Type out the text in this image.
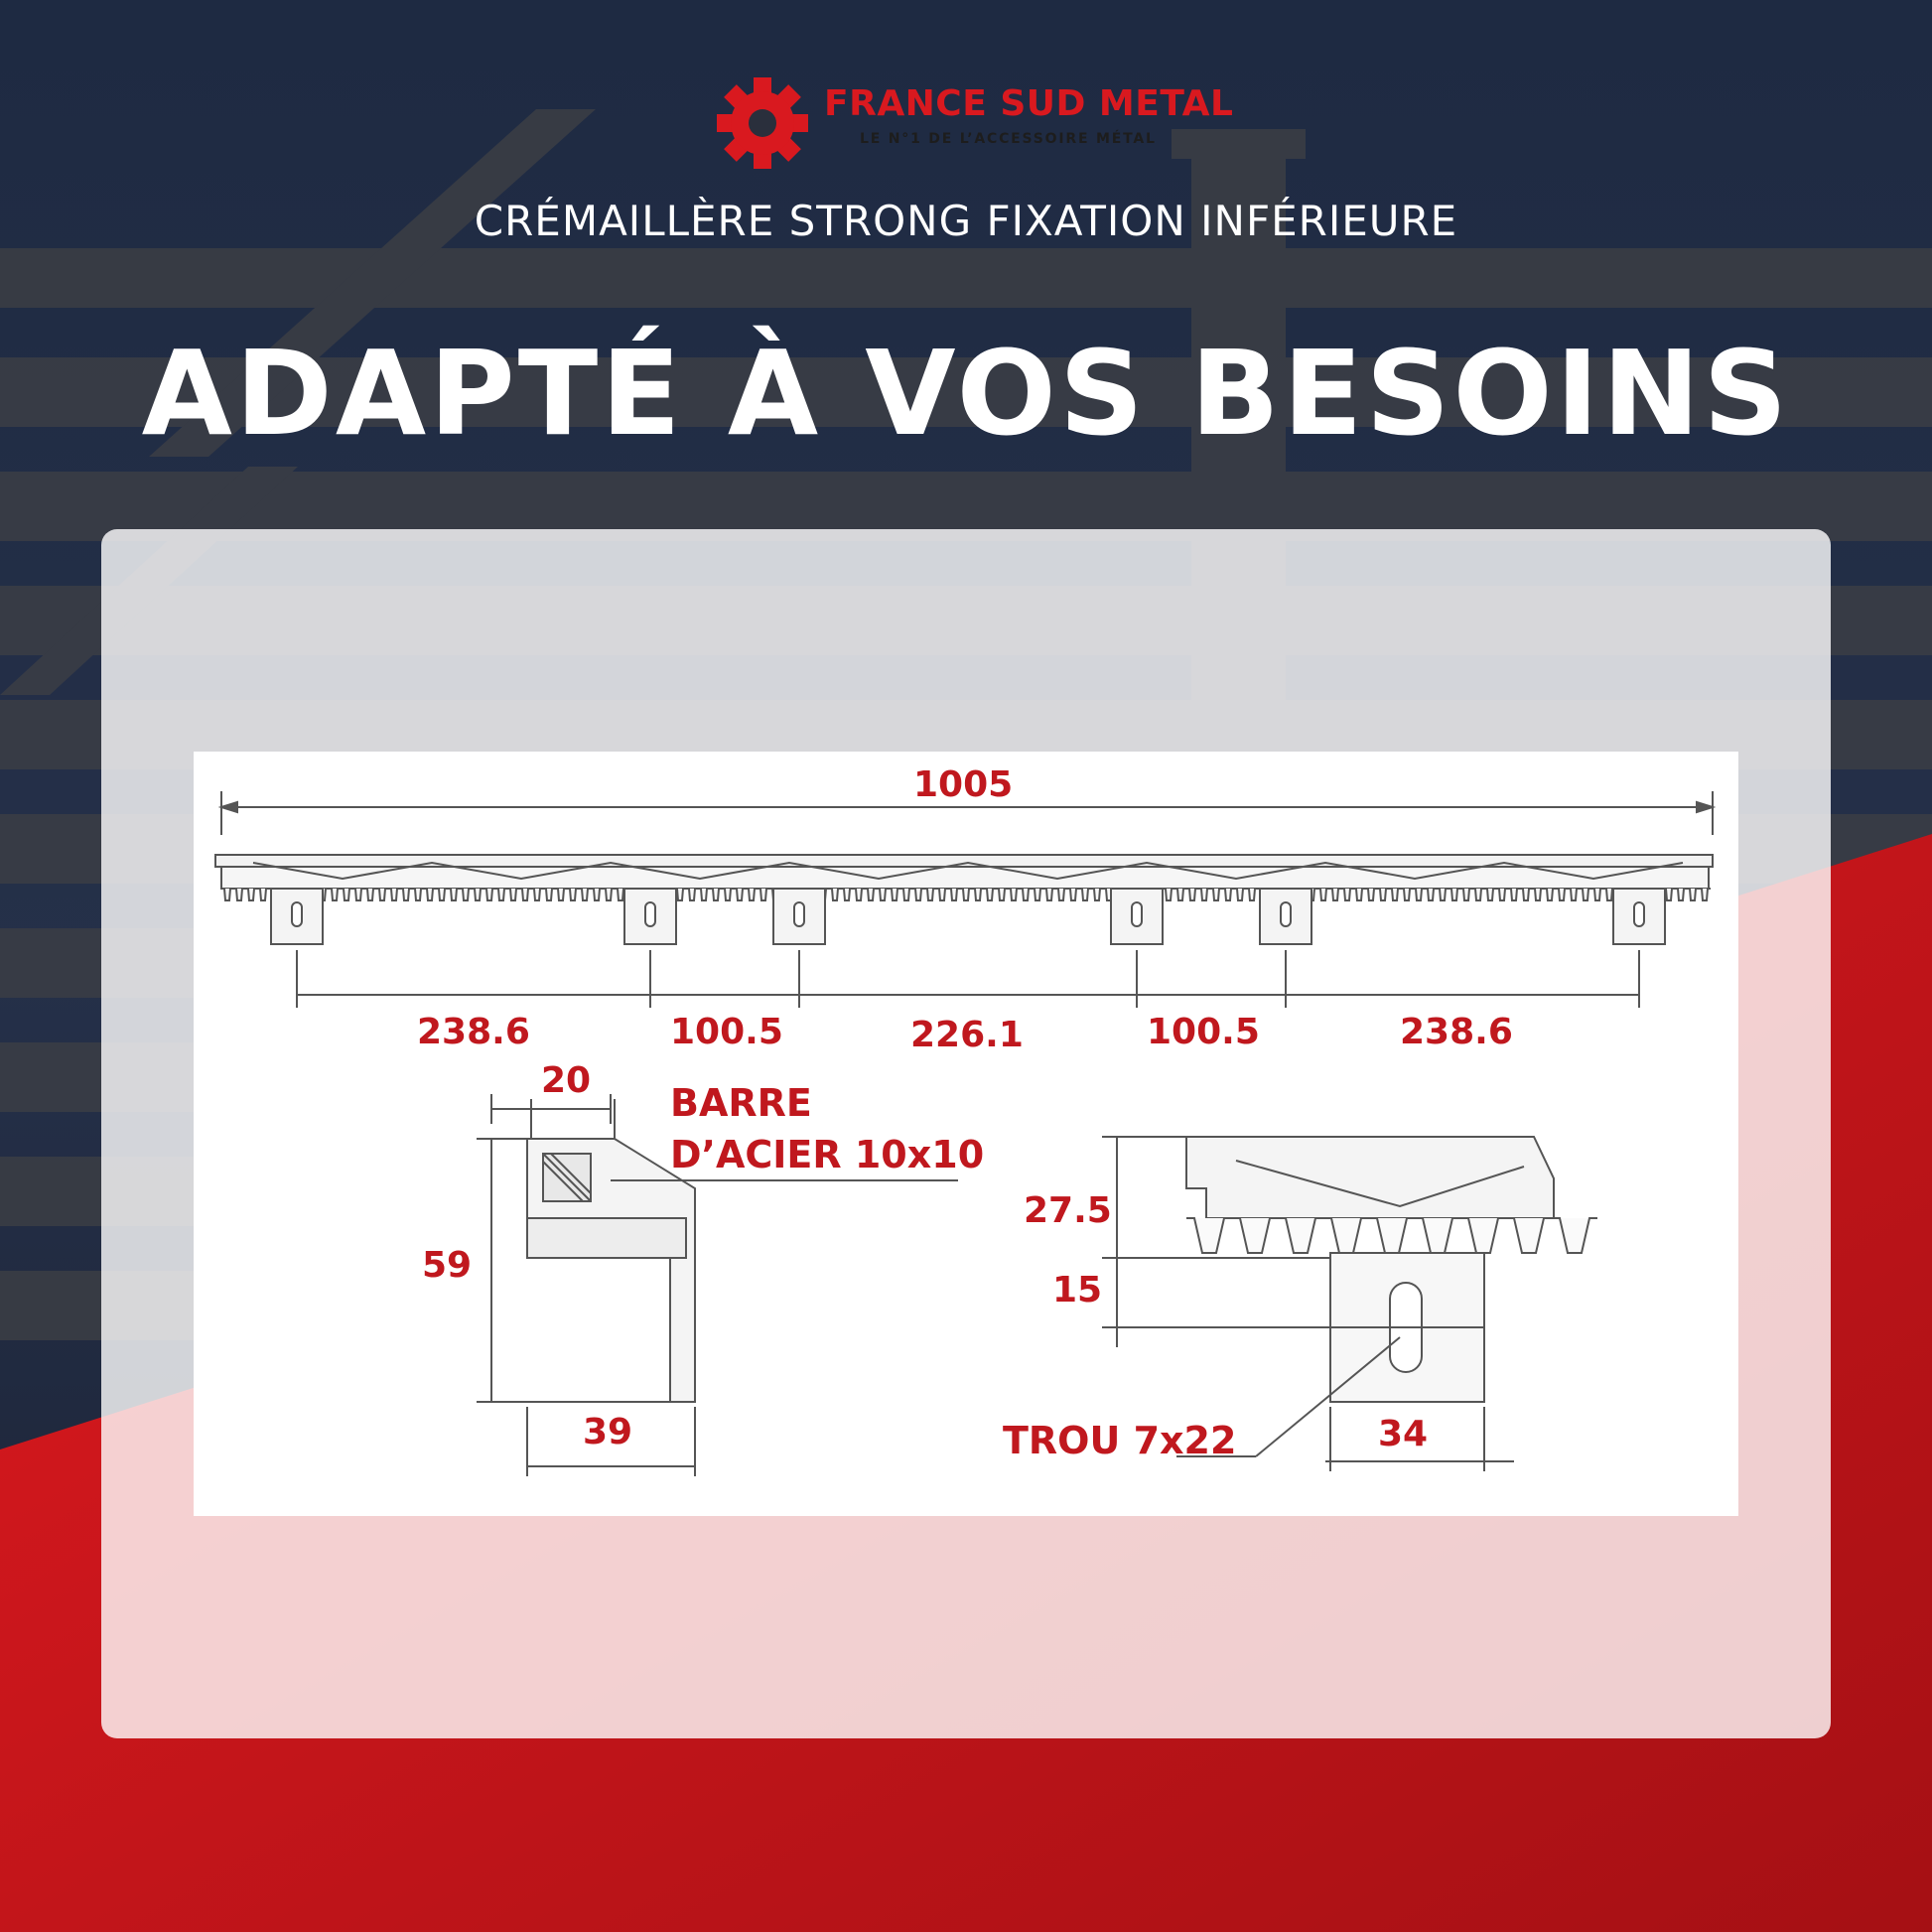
FRANCE SUD METAL
LE N°1 DE L’ACCESSOIRE MÉTAL
CRÉMAILLÈRE STRONG FIXATION INFÉRIEURE
ADAPTÉ À VOS BESOINS
1005
238.6	100.5	226.1	100.5	238.6
20
BARRE
D’ACIER 10x10
59
39
27.5
15
TROU 7x22	34
